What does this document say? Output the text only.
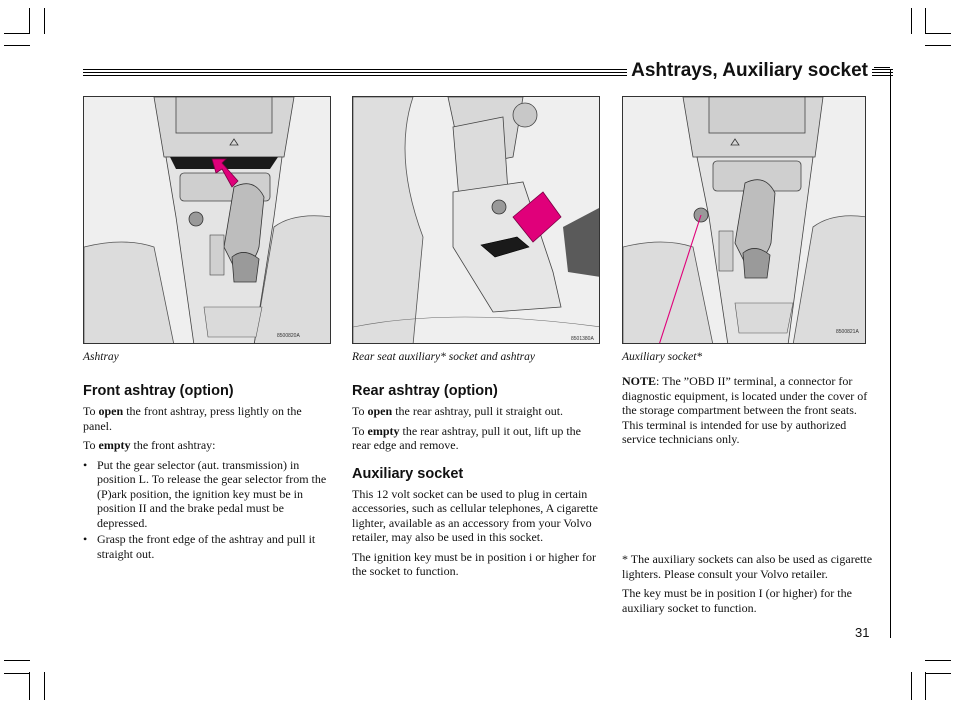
Ashtrays, Auxiliary socket
8500820A
Ashtray
8501380A
Rear seat auxiliary* socket and ashtray
8500821A
Auxiliary socket*
Front ashtray (option)

To open the front ashtray, press lightly on the panel.

To empty the front ashtray:

• Put the gear selector (aut. transmission) in position L. To release the gear selector from the (P)ark position, the ignition key must be in position II and the brake pedal must be depressed.
• Grasp the front edge of the ashtray and pull it straight out.
Rear ashtray (option)

To open the rear ashtray, pull it straight out.

To empty the rear ashtray, pull it out, lift up the rear edge and remove.

Auxiliary socket

This 12 volt socket can be used to plug in certain accessories, such as cellular telephones, A cigarette lighter, available as an accessory from your Volvo retailer, may also be used in this socket.

The ignition key must be in position i or higher for the socket to function.

NOTE: The ”OBD II” terminal, a connector for diagnostic equipment, is located under the cover of the storage compartment between the front seats. This terminal is intended for use by authorized service technicians only.

* The auxiliary sockets can also be used as cigarette lighters. Please consult your Volvo retailer.

The key must be in position I (or higher) for the auxiliary socket to function.

31
